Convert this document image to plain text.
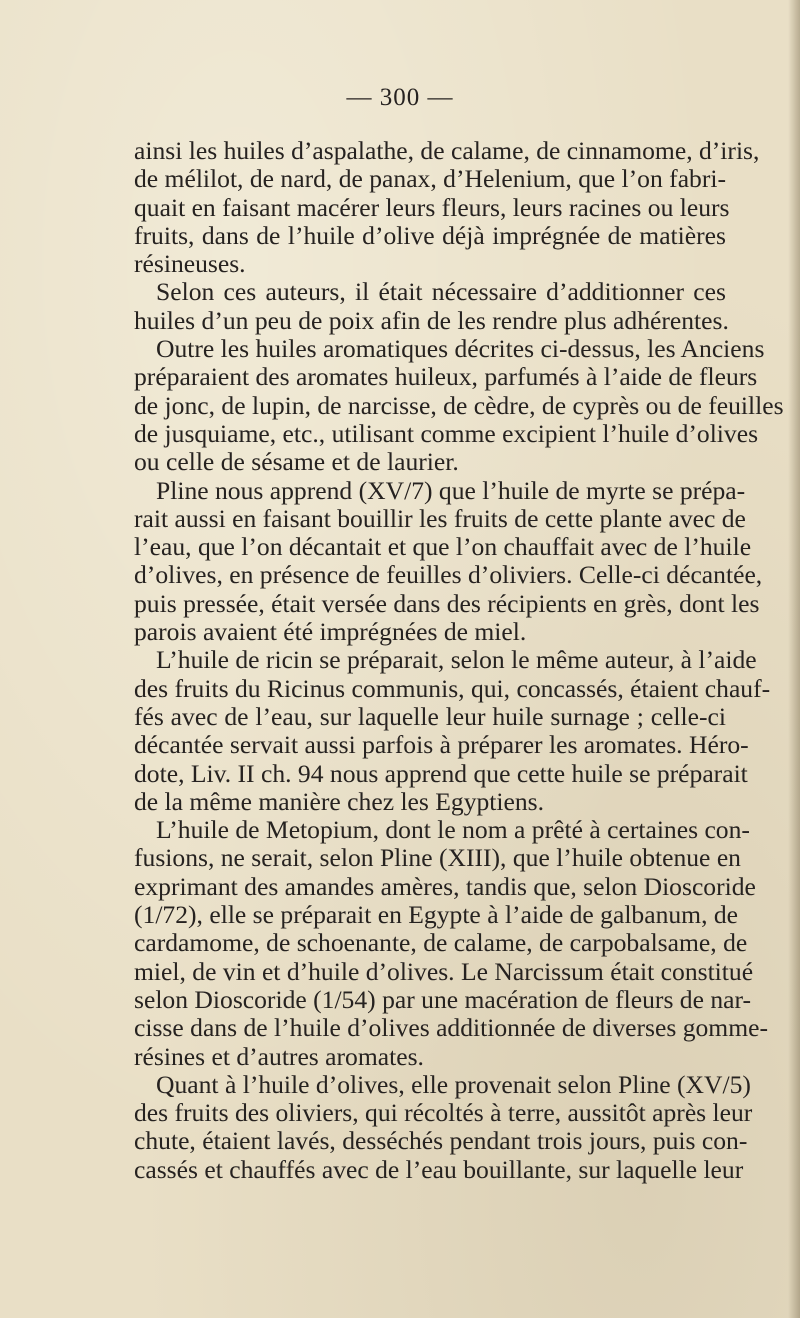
— 300 —
ainsi les huiles d’aspalathe, de calame, de cinnamome, d’iris,
de mélilot, de nard, de panax, d’Helenium, que l’on fabri-
quait en faisant macérer leurs fleurs, leurs racines ou leurs
fruits, dans de l’huile d’olive déjà imprégnée de matières
résineuses.
Selon ces auteurs, il était nécessaire d’additionner ces
huiles d’un peu de poix afin de les rendre plus adhérentes.
Outre les huiles aromatiques décrites ci-dessus, les Anciens
préparaient des aromates huileux, parfumés à l’aide de fleurs
de jonc, de lupin, de narcisse, de cèdre, de cyprès ou de feuilles
de jusquiame, etc., utilisant comme excipient l’huile d’olives
ou celle de sésame et de laurier.
Pline nous apprend (XV/7) que l’huile de myrte se prépa-
rait aussi en faisant bouillir les fruits de cette plante avec de
l’eau, que l’on décantait et que l’on chauffait avec de l’huile
d’olives, en présence de feuilles d’oliviers. Celle-ci décantée,
puis pressée, était versée dans des récipients en grès, dont les
parois avaient été imprégnées de miel.
L’huile de ricin se préparait, selon le même auteur, à l’aide
des fruits du Ricinus communis, qui, concassés, étaient chauf-
fés avec de l’eau, sur laquelle leur huile surnage ; celle-ci
décantée servait aussi parfois à préparer les aromates. Héro-
dote, Liv. II ch. 94 nous apprend que cette huile se préparait
de la même manière chez les Egyptiens.
L’huile de Metopium, dont le nom a prêté à certaines con-
fusions, ne serait, selon Pline (XIII), que l’huile obtenue en
exprimant des amandes amères, tandis que, selon Dioscoride
(1/72), elle se préparait en Egypte à l’aide de galbanum, de
cardamome, de schoenante, de calame, de carpobalsame, de
miel, de vin et d’huile d’olives. Le Narcissum était constitué
selon Dioscoride (1/54) par une macération de fleurs de nar-
cisse dans de l’huile d’olives additionnée de diverses gomme-
résines et d’autres aromates.
Quant à l’huile d’olives, elle provenait selon Pline (XV/5)
des fruits des oliviers, qui récoltés à terre, aussitôt après leur
chute, étaient lavés, desséchés pendant trois jours, puis con-
cassés et chauffés avec de l’eau bouillante, sur laquelle leur
